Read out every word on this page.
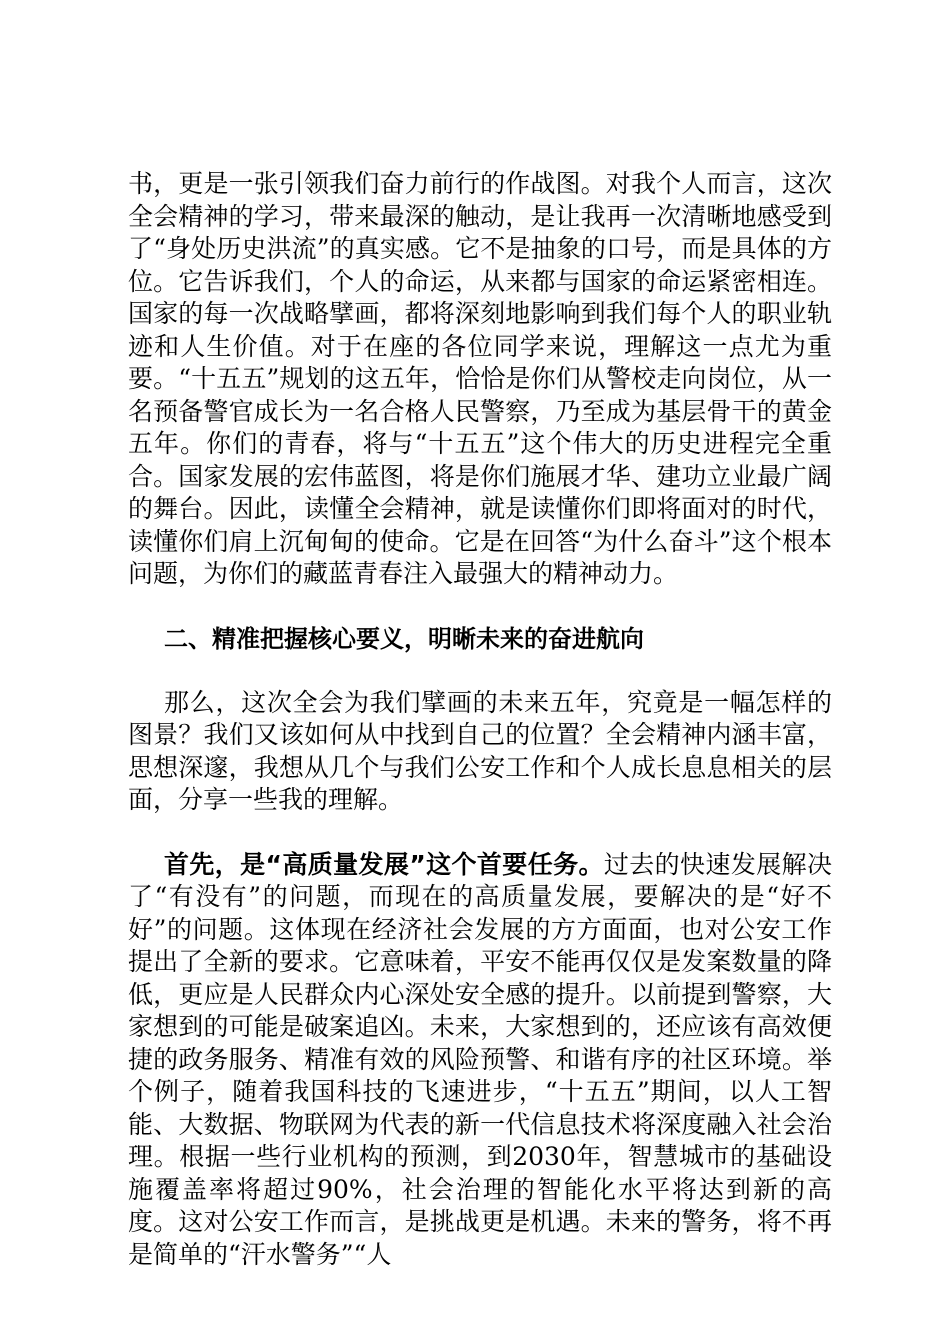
书，更是一张引领我们奋力前行的作战图。对我个人而言，这次全会精神的学习，带来最深的触动，是让我再一次清晰地感受到了“身处历史洪流”的真实感。它不是抽象的口号，而是具体的方位。它告诉我们，个人的命运，从来都与国家的命运紧密相连。国家的每一次战略擘画，都将深刻地影响到我们每个人的职业轨迹和人生价值。对于在座的各位同学来说，理解这一点尤为重要。“十五五”规划的这五年，恰恰是你们从警校走向岗位，从一名预备警官成长为一名合格人民警察，乃至成为基层骨干的黄金五年。你们的青春，将与“十五五”这个伟大的历史进程完全重合。国家发展的宏伟蓝图，将是你们施展才华、建功立业最广阔的舞台。因此，读懂全会精神，就是读懂你们即将面对的时代，读懂你们肩上沉甸甸的使命。它是在回答“为什么奋斗”这个根本问题，为你们的藏蓝青春注入最强大的精神动力。

二、精准把握核心要义，明晰未来的奋进航向

那么，这次全会为我们擘画的未来五年，究竟是一幅怎样的图景？我们又该如何从中找到自己的位置？全会精神内涵丰富，思想深邃，我想从几个与我们公安工作和个人成长息息相关的层面，分享一些我的理解。

首先，是“高质量发展”这个首要任务。过去的快速发展解决了“有没有”的问题，而现在的高质量发展，要解决的是“好不好”的问题。这体现在经济社会发展的方方面面，也对公安工作提出了全新的要求。它意味着，平安不能再仅仅是发案数量的降低，更应是人民群众内心深处安全感的提升。以前提到警察，大家想到的可能是破案追凶。未来，大家想到的，还应该有高效便捷的政务服务、精准有效的风险预警、和谐有序的社区环境。举个例子，随着我国科技的飞速进步，“十五五”期间，以人工智能、大数据、物联网为代表的新一代信息技术将深度融入社会治理。根据一些行业机构的预测，到2030年，智慧城市的基础设施覆盖率将超过90%，社会治理的智能化水平将达到新的高度。这对公安工作而言，是挑战更是机遇。未来的警务，将不再是简单的“汗水警务”“人
